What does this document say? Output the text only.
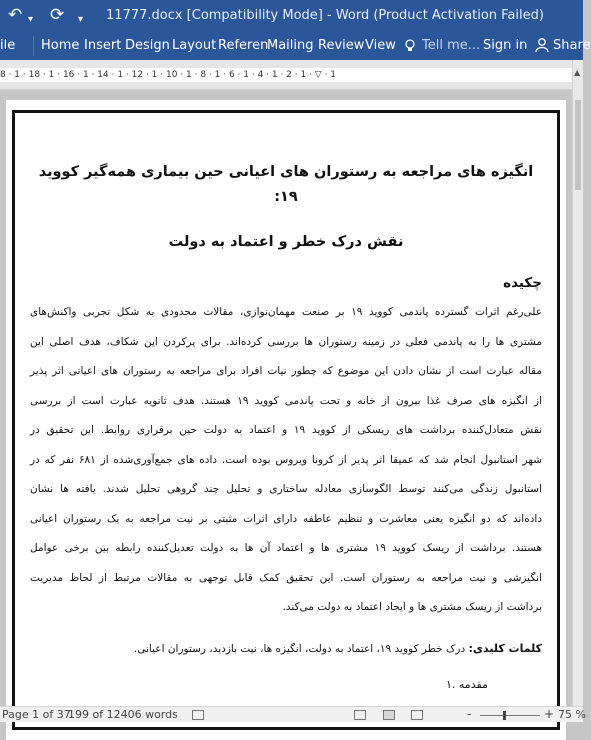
↶ ▾ ⟳ ▾ 11777.docx [Compatibility Mode] - Word (Product Activation Failed)
ile Home Insert Design Layout Referen
Mailing Review View Tell me... Sign in Share
8 · 1 · 18 · 1 · 16 · 1 · 14 · 1 · 12 · 1 · 10 · 1 · 8 · 1 · 6 · 1 · 4 · 1 · 2 · 1 · ▽ · 1	▲
انگیزه های مراجعه به رستوران های اعیانی حین بیماری همه‌گیر کووید ۱۹:
نقش درک خطر و اعتماد به دولت
چکیده
علی‌رغم اثرات گسترده پاندمی کووید ۱۹ بر صنعت مهمان‌نوازی، مقالات محدودی به شکل تجربی واکنش‌های
مشتری ها را به پاندمی فعلی در زمینه رستوران ها بررسی کرده‌اند. برای پرکردن این شکاف، هدف اصلی این
مقاله عبارت است از نشان دادن این موضوع که چطور نیات افراد برای مراجعه به رستوران های اعیانی اثر پذیر
از انگیزه های صرف غذا بیرون از خانه و تحت پاندمی کووید ۱۹ هستند. هدف ثانویه عبارت است از بررسی
نقش متعادل‌کننده برداشت های ریسکی از کووید ۱۹ و اعتماد به دولت حین برقراری روابط. این تحقیق در
شهر استانبول انجام شد که عمیقا اثر پذیر از کرونا ویروس بوده است. داده های جمع‌آوری‌شده از ۶۸۱ نفر که در
استانبول زندگی می‌کنند توسط الگوسازی معادله ساختاری و تحلیل چند گروهی تحلیل شدند. یافته ها نشان
داده‌اند که دو انگیزه یعنی معاشرت و تنظیم عاطفه دارای اثرات مثبتی بر نیت مراجعه به یک رستوران اعیانی
هستند. برداشت از ریسک کووید ۱۹ مشتری ها و اعتماد آن ها به دولت تعدیل‌کننده رابطه بین برخی عوامل
انگیزشی و نیت مراجعه به رستوران است. این تحقیق کمک قابل توجهی به مقالات مرتبط از لحاظ مدیریت
برداشت از ریسک مشتری ها و ایجاد اعتماد به دولت می‌کند.
کلمات کلیدی: درک خطر کووید ۱۹، اعتماد به دولت، انگیزه ها، نیت بازدید، رستوران اعیانی.
۱. مقدمه
Page 1 of 37
199 of 12406 words	-	+ 75 %
